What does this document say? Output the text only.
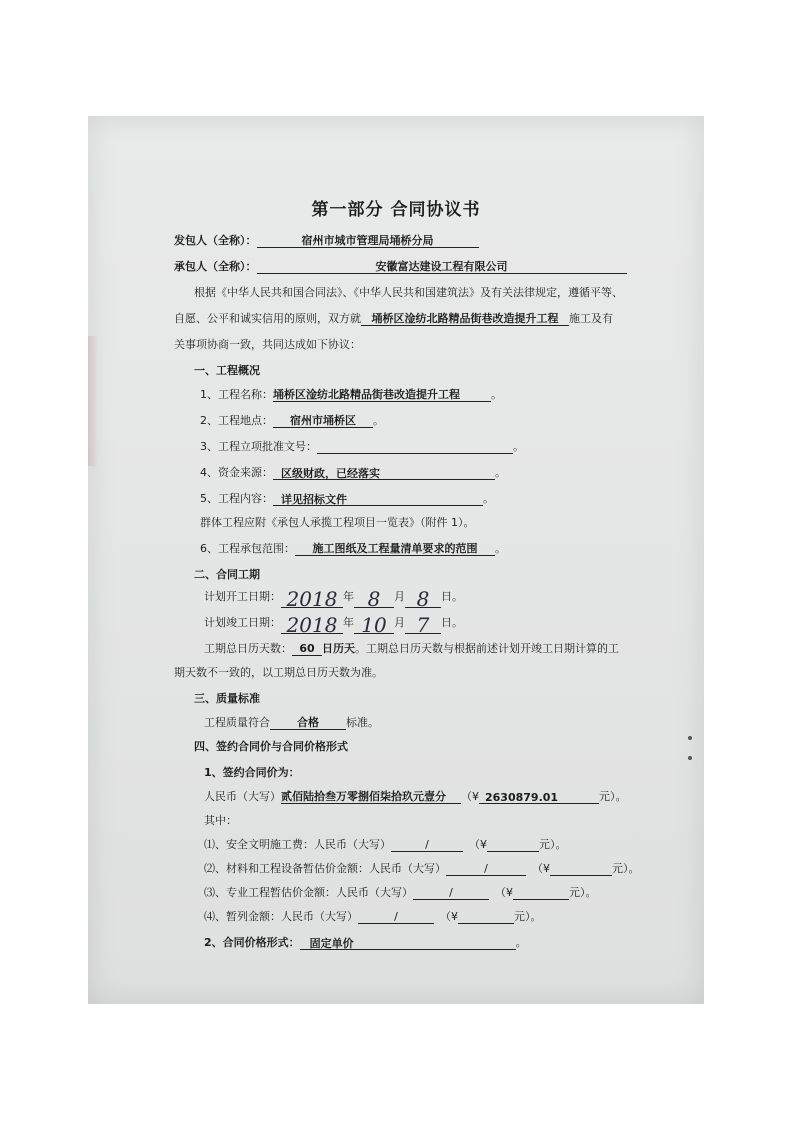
第一部分 合同协议书
发包人（全称）：	宿州市城市管理局埇桥分局
承包人（全称）：	安徽富达建设工程有限公司
根据《中华人民共和国合同法》、《中华人民共和国建筑法》及有关法律规定，遵循平等、
自愿、公平和诚实信用的原则，双方就 埇桥区淦纺北路精品街巷改造提升工程 施工及有
关事项协商一致，共同达成如下协议：
一、工程概况
1、工程名称：埇桥区淦纺北路精品街巷改造提升工程	。
2、工程地点： 宿州市埇桥区 。
3、工程立项批准文号：	。
4、资金来源： 区级财政，已经落实	。
5、工程内容： 详见招标文件	。
群体工程应附《承包人承揽工程项目一览表》（附件 1）。
6、工程承包范围： 施工图纸及工程量清单要求的范围 。
二、合同工期
计划开工日期： 2018 年 8 月 8 日。
计划竣工日期： 2018 年 10 月 7 日。
工期总日历天数： 60 日历天。工期总日历天数与根据前述计划开竣工日期计算的工
期天数不一致的，以工期总日历天数为准。
三、质量标准
工程质量符合 合格 标准。
四、签约合同价与合同价格形式
1、签约合同价为：
人民币（大写）贰佰陆拾叁万零捌佰柒拾玖元壹分 （¥ 2630879.01	元）。
其中：
⑴、安全文明施工费：人民币（大写）	/	（¥	元）。
⑵、材料和工程设备暂估价金额：人民币（大写）	/	（¥	元）。
⑶、专业工程暂估价金额：人民币（大写）	/	（¥	元）。
⑷、暂列金额：人民币（大写）	/	（¥	元）。
2、合同价格形式： 固定单价	。
